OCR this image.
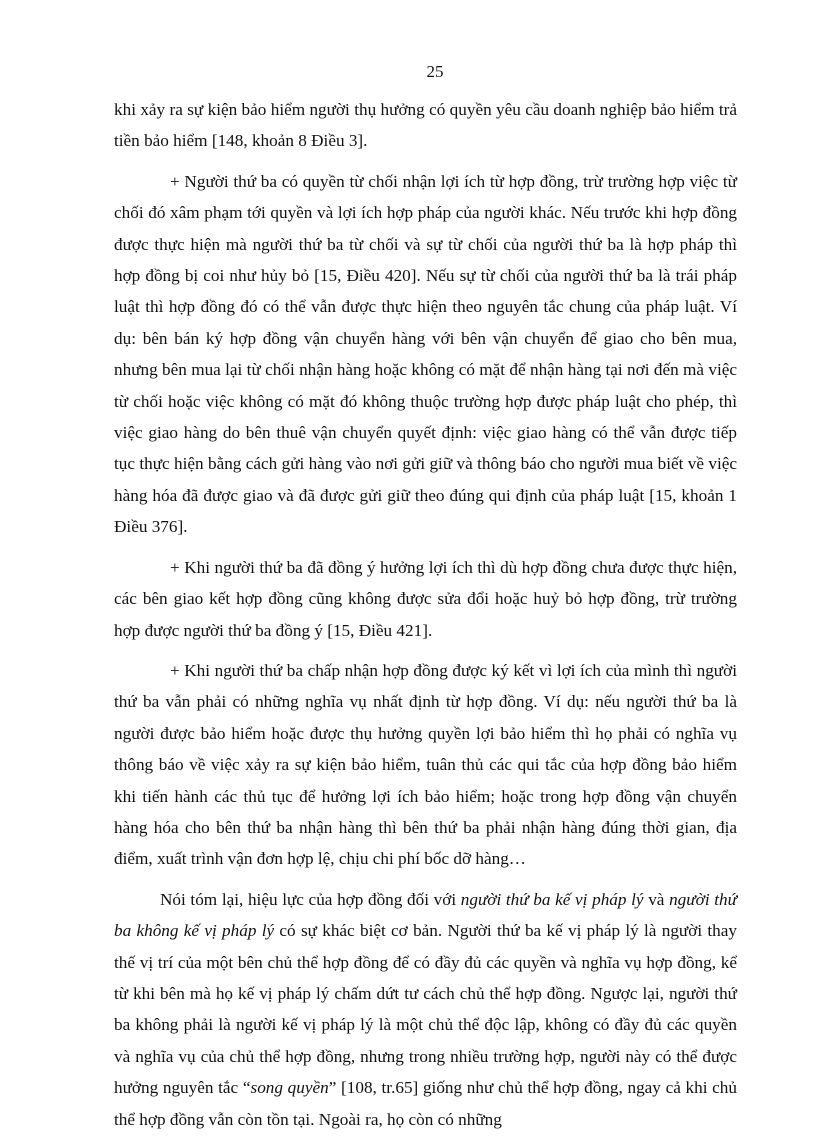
25

khi xảy ra sự kiện bảo hiểm người thụ hưởng có quyền yêu cầu doanh nghiệp bảo hiểm trả tiền bảo hiểm [148, khoản 8 Điều 3].

+ Người thứ ba có quyền từ chối nhận lợi ích từ hợp đồng, trừ trường hợp việc từ chối đó xâm phạm tới quyền và lợi ích hợp pháp của người khác. Nếu trước khi hợp đồng được thực hiện mà người thứ ba từ chối và sự từ chối của người thứ ba là hợp pháp thì hợp đồng bị coi như hủy bỏ [15, Điều 420]. Nếu sự từ chối của người thứ ba là trái pháp luật thì hợp đồng đó có thể vẫn được thực hiện theo nguyên tắc chung của pháp luật. Ví dụ: bên bán ký hợp đồng vận chuyển hàng với bên vận chuyển để giao cho bên mua, nhưng bên mua lại từ chối nhận hàng hoặc không có mặt để nhận hàng tại nơi đến mà việc từ chối hoặc việc không có mặt đó không thuộc trường hợp được pháp luật cho phép, thì việc giao hàng do bên thuê vận chuyển quyết định: việc giao hàng có thể vẫn được tiếp tục thực hiện bằng cách gửi hàng vào nơi gửi giữ và thông báo cho người mua biết về việc hàng hóa đã được giao và đã được gửi giữ theo đúng qui định của pháp luật [15, khoản 1 Điều 376].

+ Khi người thứ ba đã đồng ý hưởng lợi ích thì dù hợp đồng chưa được thực hiện, các bên giao kết hợp đồng cũng không được sửa đổi hoặc huỷ bỏ hợp đồng, trừ trường hợp được người thứ ba đồng ý [15, Điều 421].

+ Khi người thứ ba chấp nhận hợp đồng được ký kết vì lợi ích của mình thì người thứ ba vẫn phải có những nghĩa vụ nhất định từ hợp đồng. Ví dụ: nếu người thứ ba là người được bảo hiểm hoặc được thụ hưởng quyền lợi bảo hiểm thì họ phải có nghĩa vụ thông báo về việc xảy ra sự kiện bảo hiểm, tuân thủ các qui tắc của hợp đồng bảo hiểm khi tiến hành các thủ tục để hưởng lợi ích bảo hiểm; hoặc trong hợp đồng vận chuyển hàng hóa cho bên thứ ba nhận hàng thì bên thứ ba phải nhận hàng đúng thời gian, địa điểm, xuất trình vận đơn hợp lệ, chịu chi phí bốc dỡ hàng…

Nói tóm lại, hiệu lực của hợp đồng đối với người thứ ba kế vị pháp lý và người thứ ba không kế vị pháp lý có sự khác biệt cơ bản. Người thứ ba kế vị pháp lý là người thay thế vị trí của một bên chủ thể hợp đồng để có đầy đủ các quyền và nghĩa vụ hợp đồng, kể từ khi bên mà họ kế vị pháp lý chấm dứt tư cách chủ thể hợp đồng. Ngược lại, người thứ ba không phải là người kế vị pháp lý là một chủ thể độc lập, không có đầy đủ các quyền và nghĩa vụ của chủ thể hợp đồng, nhưng trong nhiều trường hợp, người này có thể được hưởng nguyên tắc “song quyền” [108, tr.65] giống như chủ thể hợp đồng, ngay cả khi chủ thể hợp đồng vẫn còn tồn tại. Ngoài ra, họ còn có những
